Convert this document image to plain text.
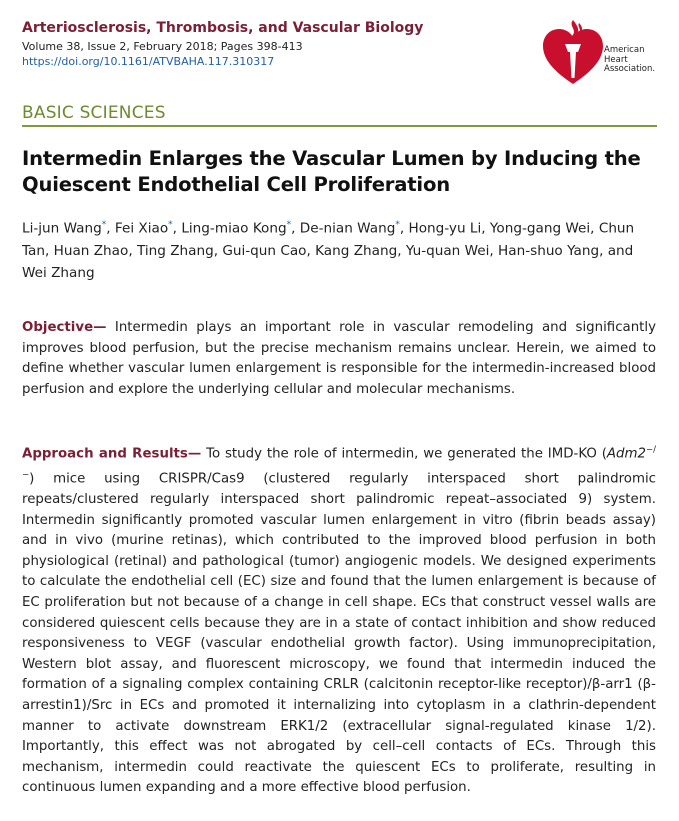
Arteriosclerosis, Thrombosis, and Vascular Biology
Volume 38, Issue 2, February 2018; Pages 398-413
https://doi.org/10.1161/ATVBAHA.117.310317
American
Heart
Association.
BASIC SCIENCES
Intermedin Enlarges the Vascular Lumen by Inducing the Quiescent Endothelial Cell Proliferation
Li-jun Wang*, Fei Xiao*, Ling-miao Kong*, De-nian Wang*, Hong-yu Li, Yong-gang Wei, Chun Tan, Huan Zhao, Ting Zhang, Gui-qun Cao, Kang Zhang, Yu-quan Wei, Han-shuo Yang, and Wei Zhang
Objective— Intermedin plays an important role in vascular remodeling and significantly improves blood perfusion, but the precise mechanism remains unclear. Herein, we aimed to define whether vascular lumen enlargement is responsible for the intermedin-increased blood perfusion and explore the underlying cellular and molecular mechanisms.
Approach and Results— To study the role of intermedin, we generated the IMD-KO (Adm2−/−) mice using CRISPR/Cas9 (clustered regularly interspaced short palindromic repeats/clustered regularly interspaced short palindromic repeat–associated 9) system. Intermedin significantly promoted vascular lumen enlargement in vitro (fibrin beads assay) and in vivo (murine retinas), which contributed to the improved blood perfusion in both physiological (retinal) and pathological (tumor) angiogenic models. We designed experiments to calculate the endothelial cell (EC) size and found that the lumen enlargement is because of EC proliferation but not because of a change in cell shape. ECs that construct vessel walls are considered quiescent cells because they are in a state of contact inhibition and show reduced responsiveness to VEGF (vascular endothelial growth factor). Using immunoprecipitation, Western blot assay, and fluorescent microscopy, we found that intermedin induced the formation of a signaling complex containing CRLR (calcitonin receptor-like receptor)/β-arr1 (β-arrestin1)/Src in ECs and promoted it internalizing into cytoplasm in a clathrin-dependent manner to activate downstream ERK1/2 (extracellular signal-regulated kinase 1/2). Importantly, this effect was not abrogated by cell–cell contacts of ECs. Through this mechanism, intermedin could reactivate the quiescent ECs to proliferate, resulting in continuous lumen expanding and a more effective blood perfusion.
